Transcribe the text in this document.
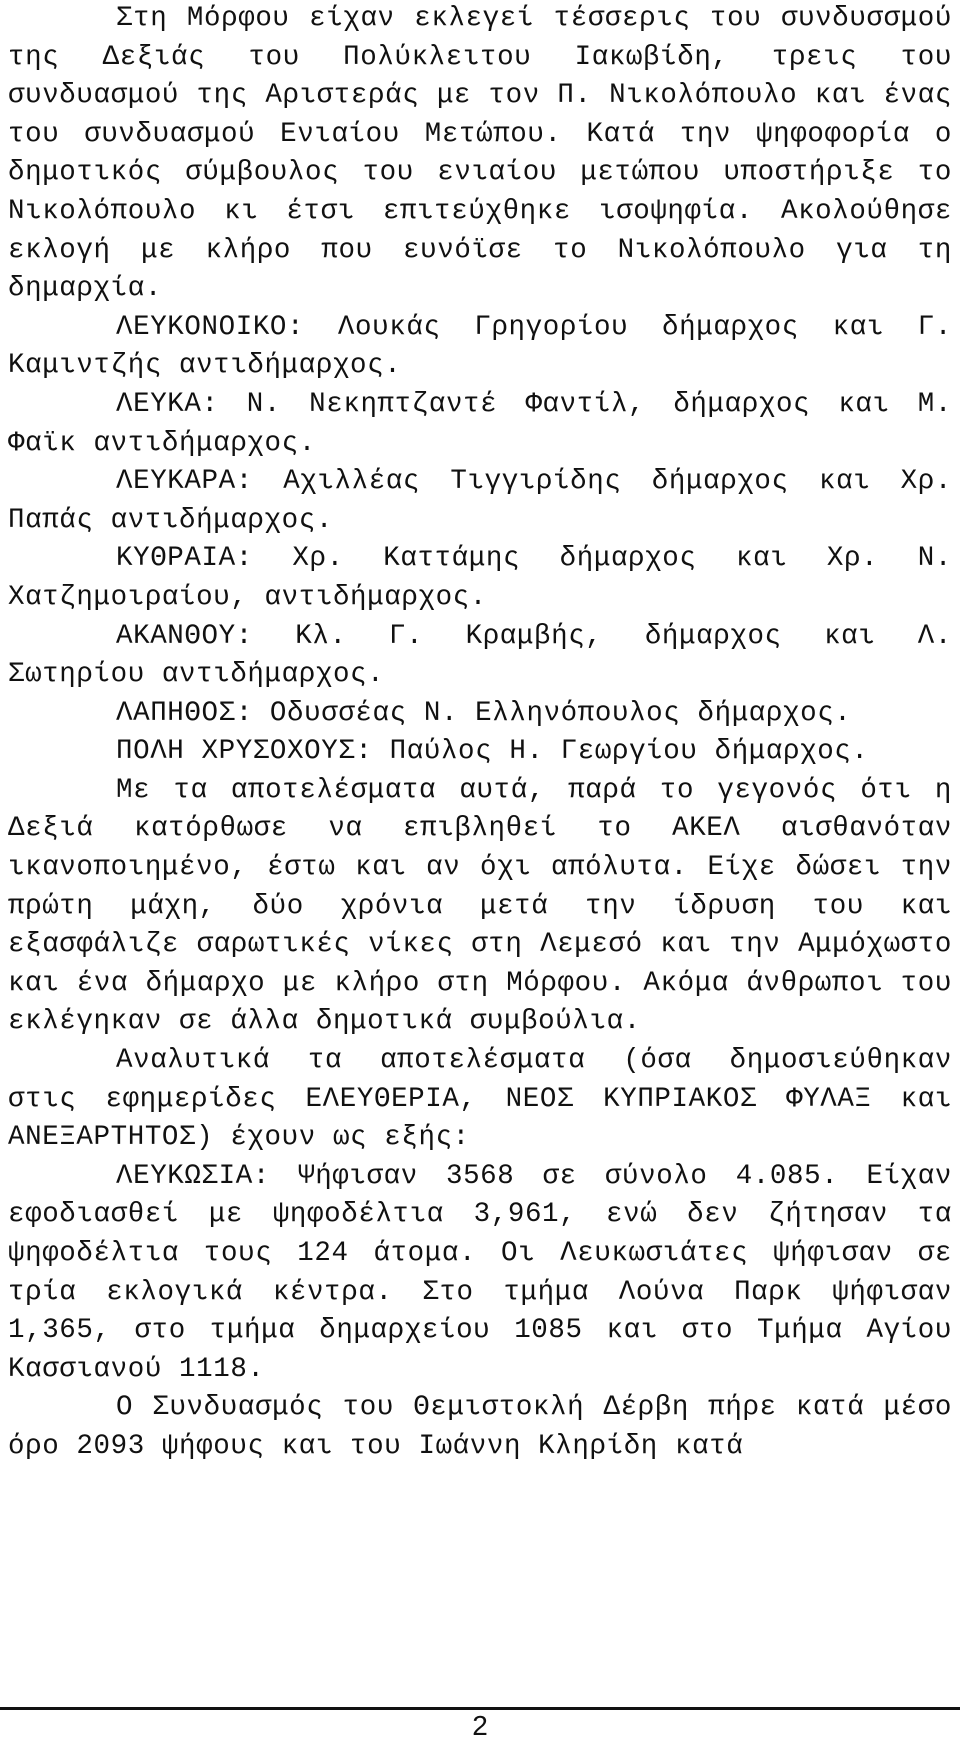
Στη Μόρφου είχαν εκλεγεί τέσσερις του συνδυσσμού της Δεξιάς του Πολύκλειτου Ιακωβίδη, τρεις του συνδυασμού της Αριστεράς με τον Π. Νικολόπουλο και ένας του συνδυασμού Ενιαίου Μετώπου. Κατά την ψηφοφορία ο δημοτικός σύμβουλος του ενιαίου μετώπου υποστήριξε το Νικολόπουλο κι έτσι επιτεύχθηκε ισοψηφία. Ακολούθησε εκλογή με κλήρο που ευνόϊσε το Νικολόπουλο για τη δημαρχία.

ΛΕΥΚΟΝΟΙΚΟ: Λουκάς Γρηγορίου δήμαρχος και Γ. Καμιντζής αντιδήμαρχος.

ΛΕΥΚΑ: Ν. Νεκηπτζαντέ Φαντίλ, δήμαρχος και Μ. Φαϊκ αντιδήμαρχος.

ΛΕΥΚΑΡΑ: Αχιλλέας Τιγγιρίδης δήμαρχος και Χρ. Παπάς αντιδήμαρχος.

ΚΥΘΡΑΙΑ: Χρ. Καττάμης δήμαρχος και Χρ. Ν. Χατζημοιραίου, αντιδήμαρχος.

ΑΚΑΝΘΟΥ: Κλ. Γ. Κραμβής, δήμαρχος και Λ. Σωτηρίου αντιδήμαρχος.

ΛΑΠΗΘΟΣ: Οδυσσέας Ν. Ελληνόπουλος δήμαρχος.

ΠΟΛΗ ΧΡΥΣΟΧΟΥΣ: Παύλος Η. Γεωργίου δήμαρχος.

Με τα αποτελέσματα αυτά, παρά το γεγονός ότι η Δεξιά κατόρθωσε να επιβληθεί το ΑΚΕΛ αισθανόταν ικανοποιημένο, έστω και αν όχι απόλυτα. Είχε δώσει την πρώτη μάχη, δύο χρόνια μετά την ίδρυση του και εξασφάλιζε σαρωτικές νίκες στη Λεμεσό και την Αμμόχωστο και ένα δήμαρχο με κλήρο στη Μόρφου. Ακόμα άνθρωποι του εκλέγηκαν σε άλλα δημοτικά συμβούλια.

Αναλυτικά τα αποτελέσματα (όσα δημοσιεύθηκαν στις εφημερίδες ΕΛΕΥΘΕΡΙΑ, ΝΕΟΣ ΚΥΠΡΙΑΚΟΣ ΦΥΛΑΞ και ΑΝΕΞΑΡΤΗΤΟΣ) έχουν ως εξής:

ΛΕΥΚΩΣΙΑ: Ψήφισαν 3568 σε σύνολο 4.085. Είχαν εφοδιασθεί με ψηφοδέλτια 3,961, ενώ δεν ζήτησαν τα ψηφοδέλτια τους 124 άτομα. Οι Λευκωσιάτες ψήφισαν σε τρία εκλογικά κέντρα. Στο τμήμα Λούνα Παρκ ψήφισαν 1,365, στο τμήμα δημαρχείου 1085 και στο Τμήμα Αγίου Κασσιανού 1118.

Ο Συνδυασμός του Θεμιστοκλή Δέρβη πήρε κατά μέσο όρο 2093 ψήφους και του Ιωάννη Κληρίδη κατά

2
